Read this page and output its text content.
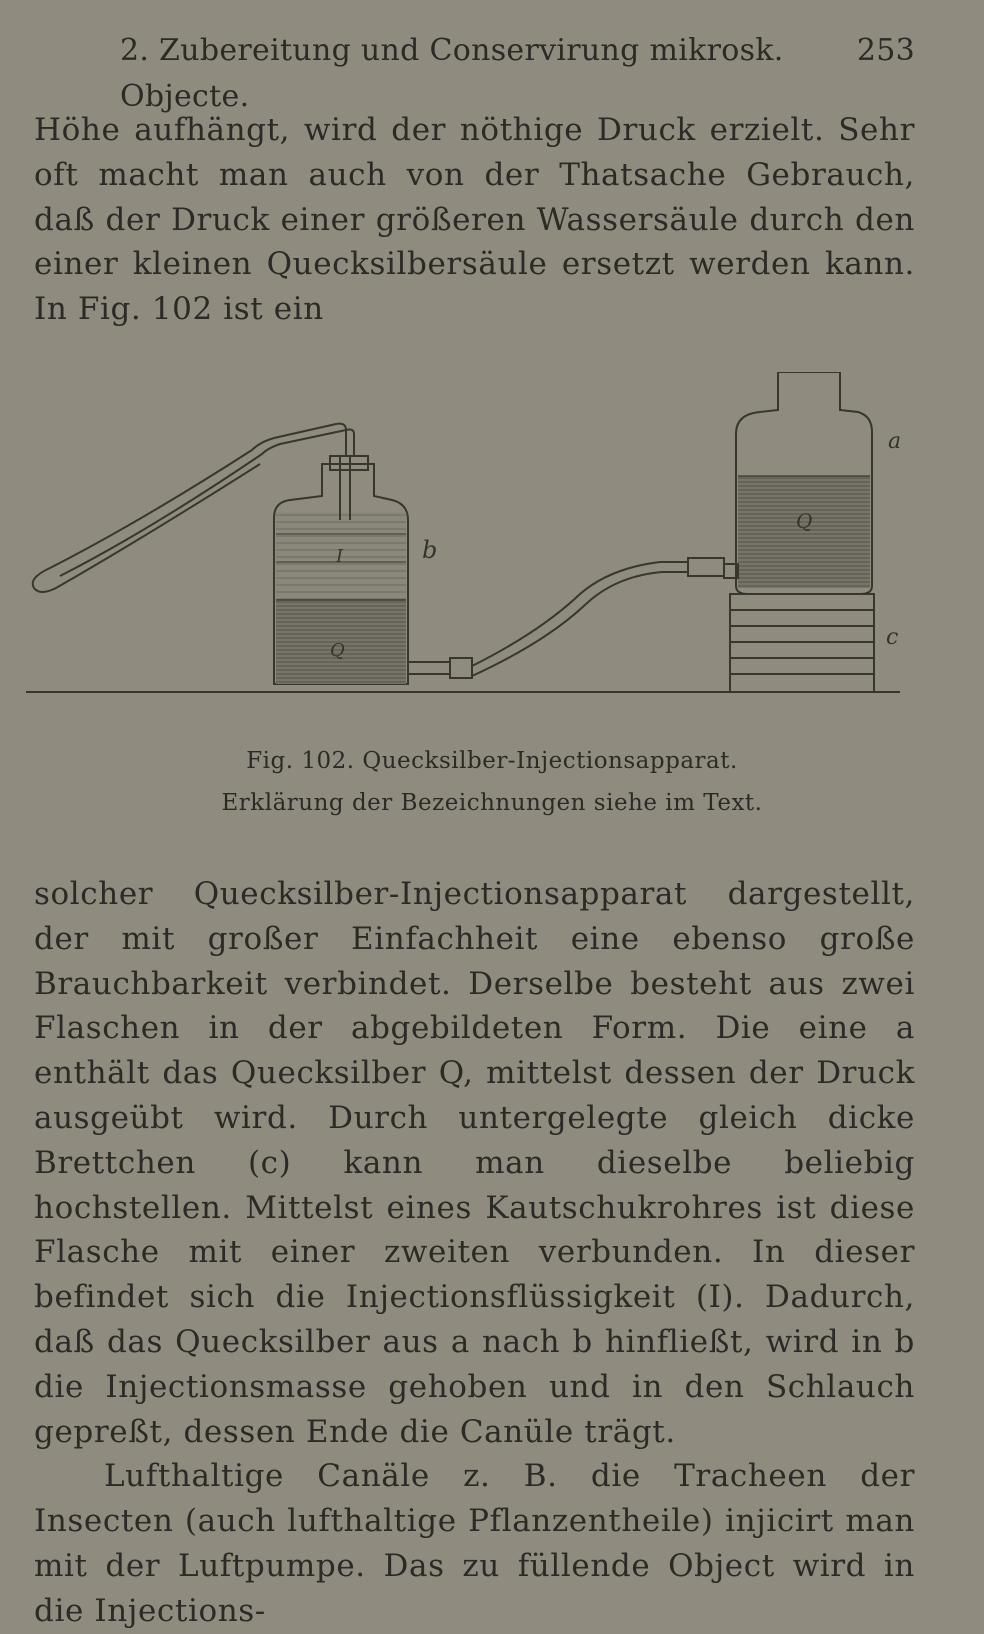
2. Zubereitung und Conservirung mikrosk. Objecte.
253

Höhe aufhängt, wird der nöthige Druck erzielt. Sehr oft macht man auch von der Thatsache Gebrauch, daß der Druck einer größeren Wassersäule durch den einer kleinen Quecksilbersäule ersetzt werden kann. In Fig. 102 ist ein

a
b
c
Q
Q
I
Fig. 102. Quecksilber-Injectionsapparat.
Erklärung der Bezeichnungen siehe im Text.

solcher Quecksilber-Injectionsapparat dargestellt, der mit großer Einfachheit eine ebenso große Brauchbarkeit verbindet. Derselbe besteht aus zwei Flaschen in der abgebildeten Form. Die eine a enthält das Quecksilber Q, mittelst dessen der Druck ausgeübt wird. Durch untergelegte gleich dicke Brettchen (c) kann man dieselbe beliebig hochstellen. Mittelst eines Kautschukrohres ist diese Flasche mit einer zweiten verbunden. In dieser befindet sich die Injectionsflüssigkeit (I). Dadurch, daß das Quecksilber aus a nach b hinfließt, wird in b die Injectionsmasse gehoben und in den Schlauch gepreßt, dessen Ende die Canüle trägt.

Lufthaltige Canäle z. B. die Tracheen der Insecten (auch lufthaltige Pflanzentheile) injicirt man mit der Luftpumpe. Das zu füllende Object wird in die Injections-
